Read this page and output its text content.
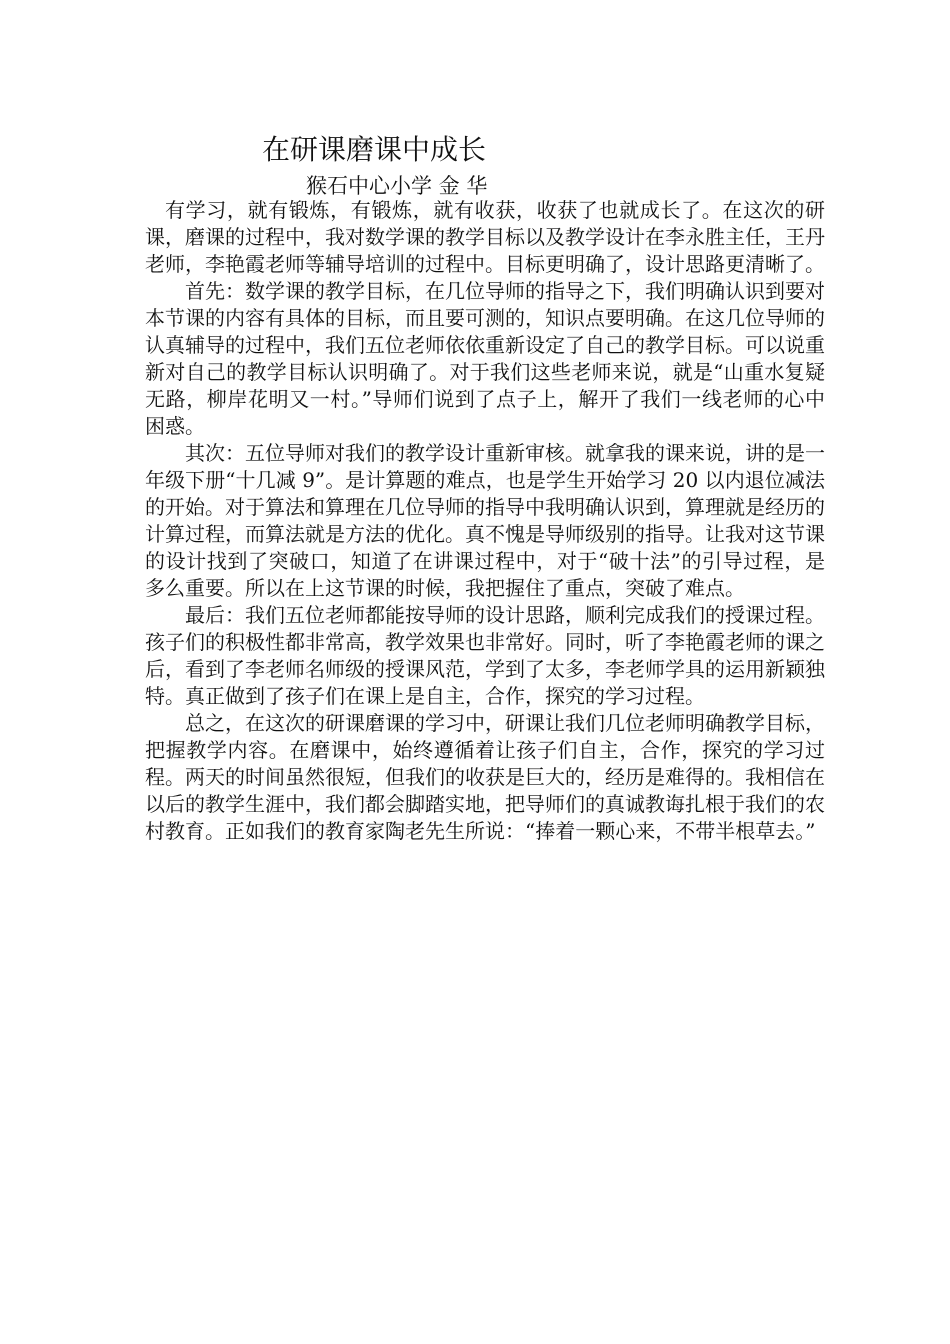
在研课磨课中成长
猴石中心小学 金 华

有学习，就有锻炼，有锻炼，就有收获，收获了也就成长了。在这次的研课，磨课的过程中，我对数学课的教学目标以及教学设计在李永胜主任，王丹老师，李艳霞老师等辅导培训的过程中。目标更明确了，设计思路更清晰了。

首先：数学课的教学目标，在几位导师的指导之下，我们明确认识到要对本节课的内容有具体的目标，而且要可测的，知识点要明确。在这几位导师的认真辅导的过程中，我们五位老师依依重新设定了自己的教学目标。可以说重新对自己的教学目标认识明确了。对于我们这些老师来说，就是“山重水复疑无路，柳岸花明又一村。”导师们说到了点子上，解开了我们一线老师的心中困惑。

其次：五位导师对我们的教学设计重新审核。就拿我的课来说，讲的是一年级下册“十几减 9”。是计算题的难点，也是学生开始学习 20 以内退位减法的开始。对于算法和算理在几位导师的指导中我明确认识到，算理就是经历的计算过程，而算法就是方法的优化。真不愧是导师级别的指导。让我对这节课的设计找到了突破口，知道了在讲课过程中，对于“破十法”的引导过程，是多么重要。所以在上这节课的时候，我把握住了重点，突破了难点。

最后：我们五位老师都能按导师的设计思路，顺利完成我们的授课过程。孩子们的积极性都非常高，教学效果也非常好。同时，听了李艳霞老师的课之后，看到了李老师名师级的授课风范，学到了太多，李老师学具的运用新颖独特。真正做到了孩子们在课上是自主，合作，探究的学习过程。

总之，在这次的研课磨课的学习中，研课让我们几位老师明确教学目标，把握教学内容。在磨课中，始终遵循着让孩子们自主，合作，探究的学习过程。两天的时间虽然很短，但我们的收获是巨大的，经历是难得的。我相信在以后的教学生涯中，我们都会脚踏实地，把导师们的真诚教诲扎根于我们的农村教育。正如我们的教育家陶老先生所说：“捧着一颗心来，不带半根草去。”
